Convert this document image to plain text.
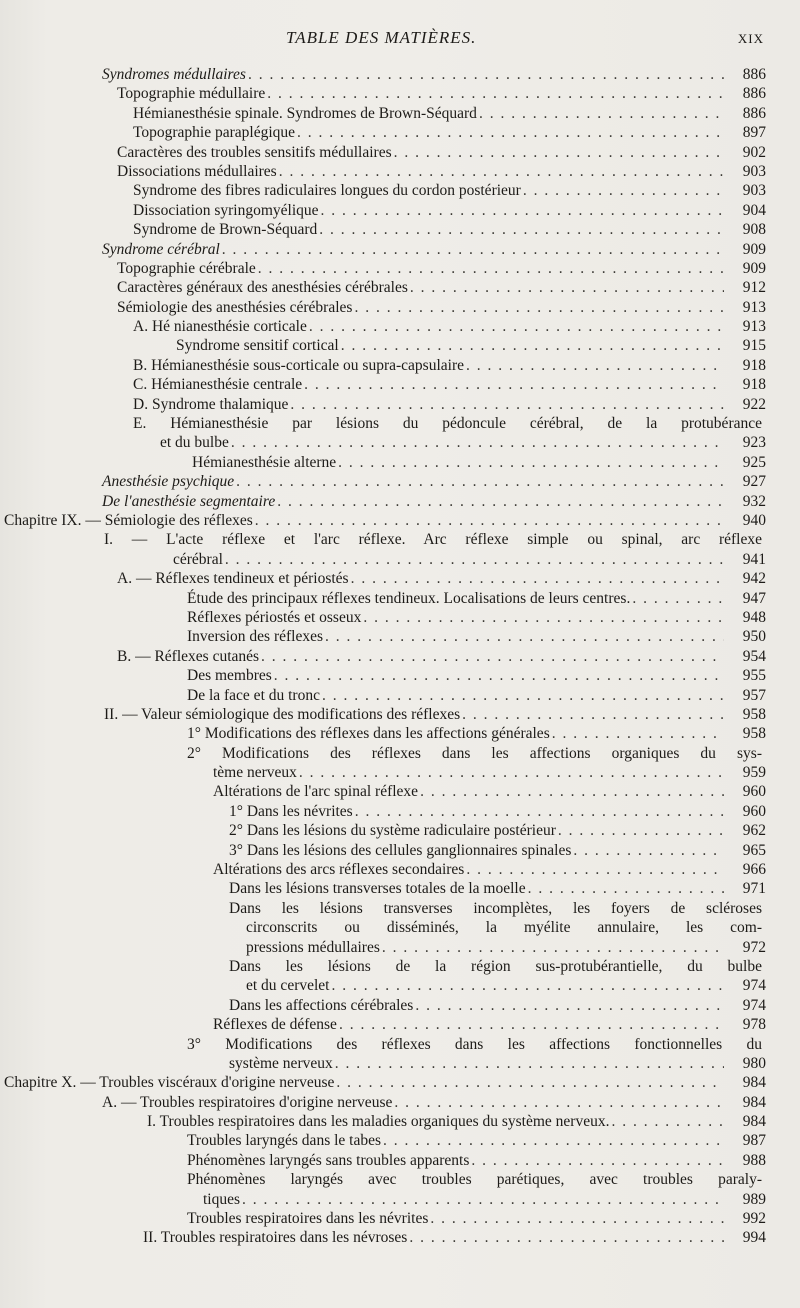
TABLE DES MATIÈRES.	XIX
Syndromes médullaires . . .	886
Topographie médullaire . . .	886
Hémianesthésie spinale. Syndromes de Brown-Séquard . . .	886
Topographie paraplégique . . .	897
Caractères des troubles sensitifs médullaires . . .	902
Dissociations médullaires . . .	903
Syndrome des fibres radiculaires longues du cordon postérieur . . .	903
Dissociation syringomyélique . . .	904
Syndrome de Brown-Séquard . . .	908
Syndrome cérébral . . .	909
Topographie cérébrale . . .	909
Caractères généraux des anesthésies cérébrales . . .	912
Sémiologie des anesthésies cérébrales . . .	913
A. Hé nianesthésie corticale . . .	913
Syndrome sensitif cortical . . .	915
B. Hémianesthésie sous-corticale ou supra-capsulaire . . .	918
C. Hémianesthésie centrale . . .	918
D. Syndrome thalamique . . .	922
E. Hémianesthésie par lésions du pédoncule cérébral, de la protubérance
et du bulbe . . .	923
Hémianesthésie alterne . . .	925
Anesthésie psychique . . .	927
De l'anesthésie segmentaire . . .	932
Chapitre IX. — Sémiologie des réflexes . . .	940
I. — L'acte réflexe et l'arc réflexe. Arc réflexe simple ou spinal, arc réflexe
cérébral . . .	941
A. — Réflexes tendineux et périostés . . .	942
Étude des principaux réflexes tendineux. Localisations de leurs centres. . . .	947
Réflexes périostés et osseux . . .	948
Inversion des réflexes . . .	950
B. — Réflexes cutanés . . .	954
Des membres . . .	955
De la face et du tronc . . .	957
II. — Valeur sémiologique des modifications des réflexes . . .	958
1° Modifications des réflexes dans les affections générales . . .	958
2° Modifications des réflexes dans les affections organiques du sys-
tème nerveux . . .	959
Altérations de l'arc spinal réflexe . . .	960
1° Dans les névrites . . .	960
2° Dans les lésions du système radiculaire postérieur . . .	962
3° Dans les lésions des cellules ganglionnaires spinales . . .	965
Altérations des arcs réflexes secondaires . . .	966
Dans les lésions transverses totales de la moelle . . .	971
Dans les lésions transverses incomplètes, les foyers de scléroses
circonscrits ou disséminés, la myélite annulaire, les com-
pressions médullaires . . .	972
Dans les lésions de la région sus-protubérantielle, du bulbe
et du cervelet . . .	974
Dans les affections cérébrales . . .	974
Réflexes de défense . . .	978
3° Modifications des réflexes dans les affections fonctionnelles du
système nerveux . . .	980
Chapitre X. — Troubles viscéraux d'origine nerveuse . . .	984
A. — Troubles respiratoires d'origine nerveuse . . .	984
I. Troubles respiratoires dans les maladies organiques du système nerveux. . . .	984
Troubles laryngés dans le tabes . . .	987
Phénomènes laryngés sans troubles apparents . . .	988
Phénomènes laryngés avec troubles parétiques, avec troubles paraly-
tiques . . .	989
Troubles respiratoires dans les névrites . . .	992
II. Troubles respiratoires dans les névroses . . .	994
